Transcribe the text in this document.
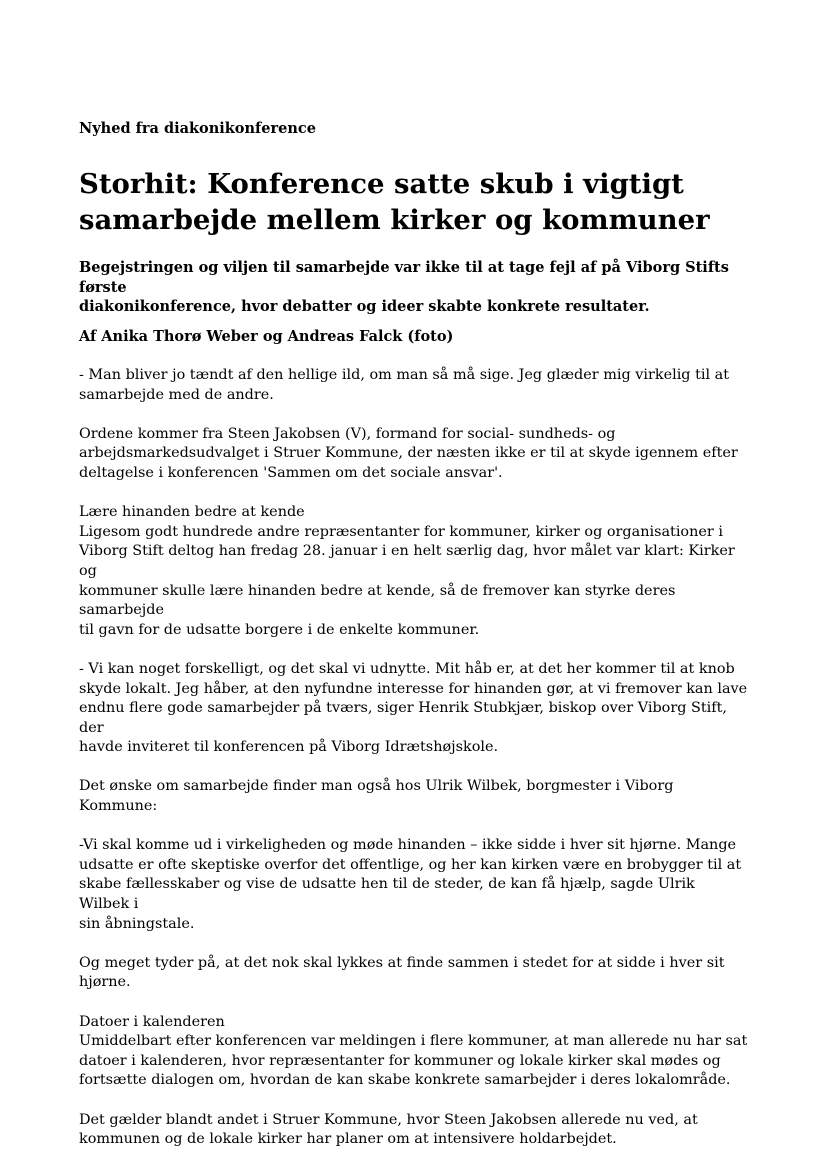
Nyhed fra diakonikonference

Storhit: Konference satte skub i vigtigt
samarbejde mellem kirker og kommuner

Begejstringen og viljen til samarbejde var ikke til at tage fejl af på Viborg Stifts første
diakonikonference, hvor debatter og ideer skabte konkrete resultater.

Af Anika Thorø Weber og Andreas Falck (foto)

- Man bliver jo tændt af den hellige ild, om man så må sige. Jeg glæder mig virkelig til at
samarbejde med de andre.

Ordene kommer fra Steen Jakobsen (V), formand for social- sundheds- og
arbejdsmarkedsudvalget i Struer Kommune, der næsten ikke er til at skyde igennem efter
deltagelse i konferencen 'Sammen om det sociale ansvar'.

Lære hinanden bedre at kende
Ligesom godt hundrede andre repræsentanter for kommuner, kirker og organisationer i
Viborg Stift deltog han fredag 28. januar i en helt særlig dag, hvor målet var klart: Kirker og
kommuner skulle lære hinanden bedre at kende, så de fremover kan styrke deres samarbejde
til gavn for de udsatte borgere i de enkelte kommuner.

- Vi kan noget forskelligt, og det skal vi udnytte. Mit håb er, at det her kommer til at knob
skyde lokalt. Jeg håber, at den nyfundne interesse for hinanden gør, at vi fremover kan lave
endnu flere gode samarbejder på tværs, siger Henrik Stubkjær, biskop over Viborg Stift, der
havde inviteret til konferencen på Viborg Idrætshøjskole.

Det ønske om samarbejde finder man også hos Ulrik Wilbek, borgmester i Viborg Kommune:

-Vi skal komme ud i virkeligheden og møde hinanden – ikke sidde i hver sit hjørne. Mange
udsatte er ofte skeptiske overfor det offentlige, og her kan kirken være en brobygger til at
skabe fællesskaber og vise de udsatte hen til de steder, de kan få hjælp, sagde Ulrik Wilbek i
sin åbningstale.

Og meget tyder på, at det nok skal lykkes at finde sammen i stedet for at sidde i hver sit
hjørne.

Datoer i kalenderen
Umiddelbart efter konferencen var meldingen i flere kommuner, at man allerede nu har sat
datoer i kalenderen, hvor repræsentanter for kommuner og lokale kirker skal mødes og
fortsætte dialogen om, hvordan de kan skabe konkrete samarbejder i deres lokalområde.

Det gælder blandt andet i Struer Kommune, hvor Steen Jakobsen allerede nu ved, at
kommunen og de lokale kirker har planer om at intensivere holdarbejdet.
